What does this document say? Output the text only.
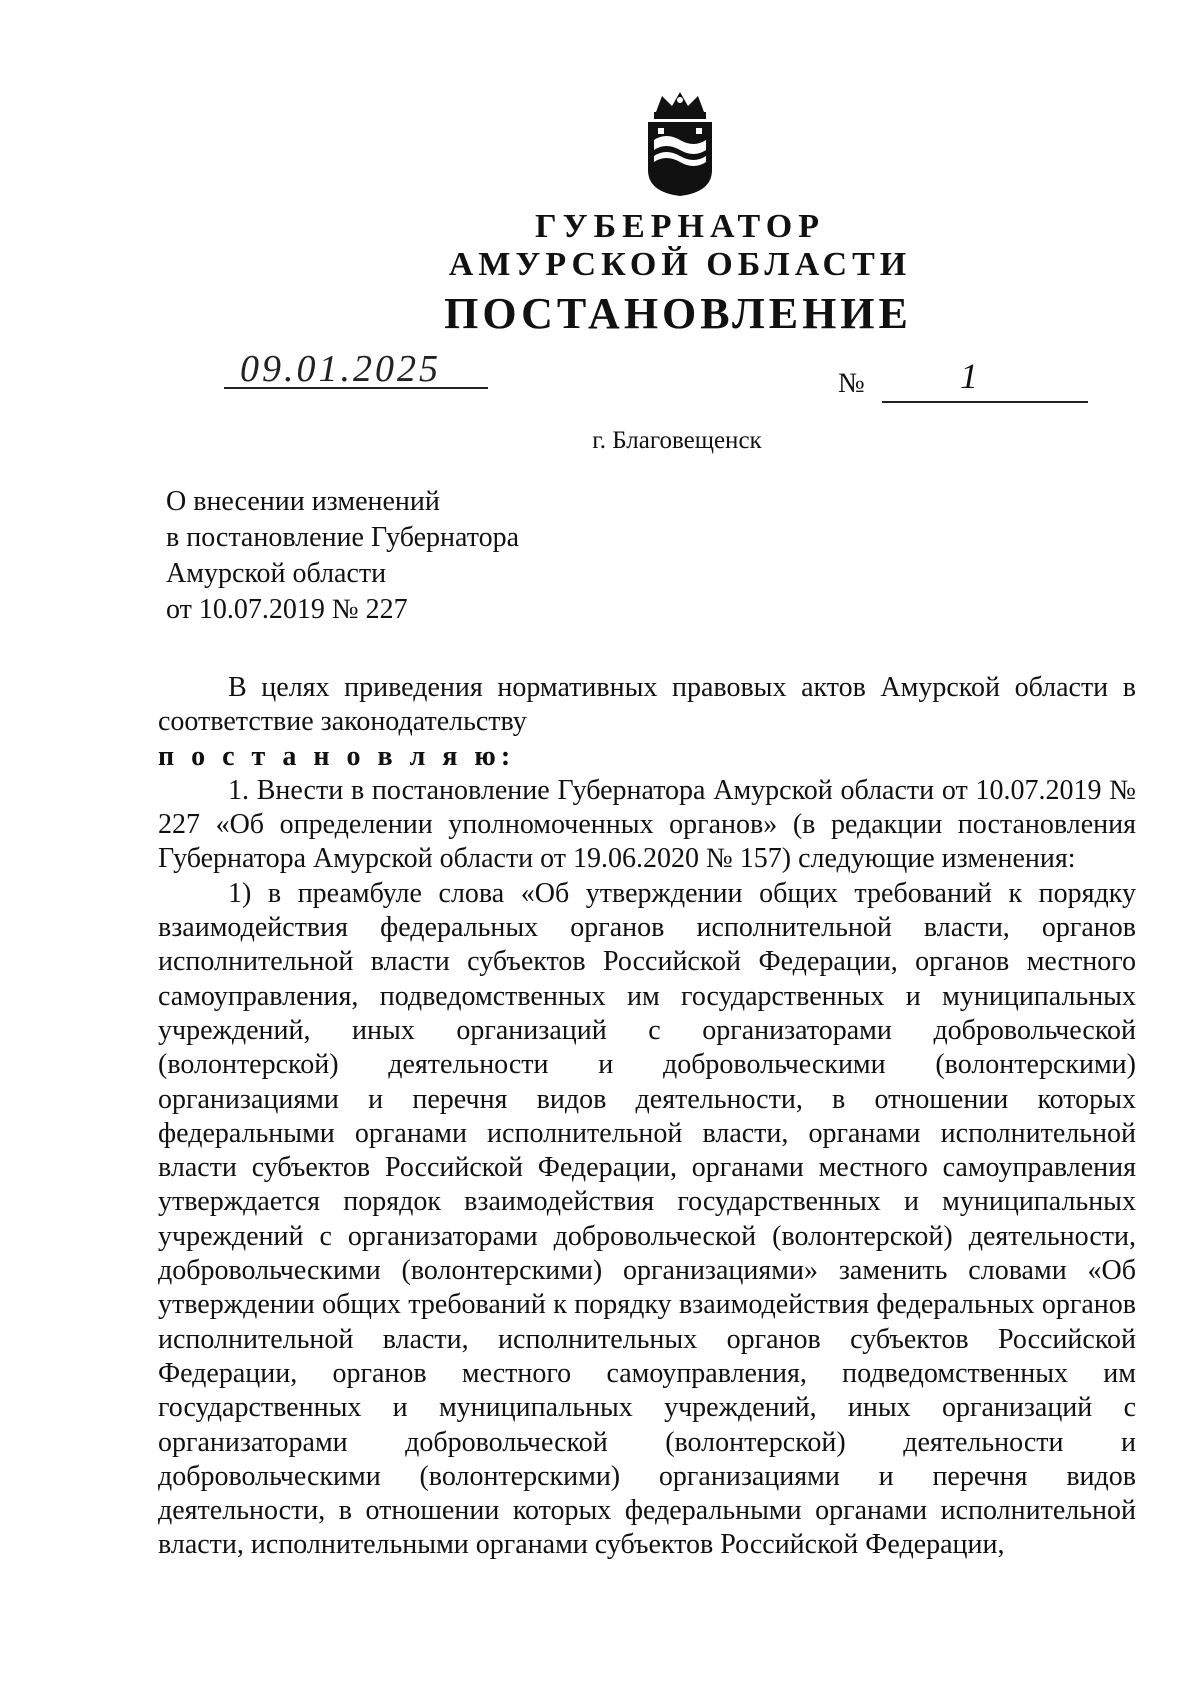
ГУБЕРНАТОР
АМУРСКОЙ ОБЛАСТИ
ПОСТАНОВЛЕНИЕ
09.01.2025	№	1
г. Благовещенск
О внесении изменений
в постановление Губернатора
Амурской области
от 10.07.2019 № 227

В целях приведения нормативных правовых актов Амурской области в соответствие законодательству

п о с т а н о в л я ю:

1. Внести в постановление Губернатора Амурской области от 10.07.2019 № 227 «Об определении уполномоченных органов» (в редакции постановления Губернатора Амурской области от 19.06.2020 № 157) следующие изменения:

1) в преамбуле слова «Об утверждении общих требований к порядку взаимодействия федеральных органов исполнительной власти, органов исполнительной власти субъектов Российской Федерации, органов местного самоуправления, подведомственных им государственных и муниципальных учреждений, иных организаций с организаторами добровольческой (волонтерской) деятельности и добровольческими (волонтерскими) организациями и перечня видов деятельности, в отношении которых федеральными органами исполнительной власти, органами исполнительной власти субъектов Российской Федерации, органами местного самоуправления утверждается порядок взаимодействия государственных и муниципальных учреждений с организаторами добровольческой (волонтерской) деятельности, добровольческими (волонтерскими) организациями» заменить словами «Об утверждении общих требований к порядку взаимодействия федеральных органов исполнительной власти, исполнительных органов субъектов Российской Федерации, органов местного самоуправления, подведомственных им государственных и муниципальных учреждений, иных организаций с организаторами добровольческой (волонтерской) деятельности и добровольческими (волонтерскими) организациями и перечня видов деятельности, в отношении которых федеральными органами исполнительной власти, исполнительными органами субъектов Российской Федерации,
